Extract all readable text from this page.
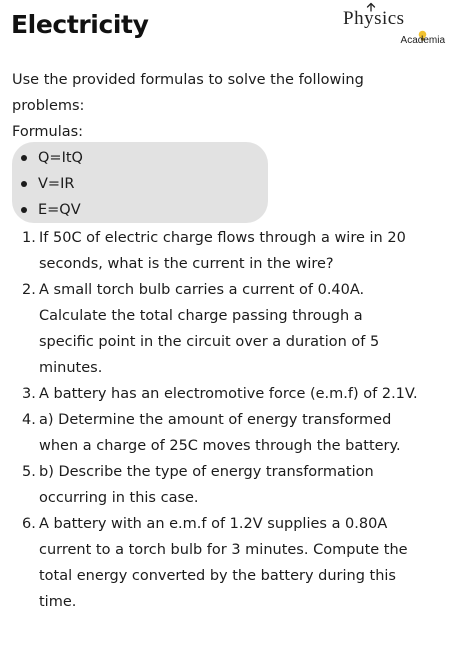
Electricity	Physics
Academia

Use the provided formulas to solve the following problems:

Formulas:

Q=ItQ
V=IR
E=QV
1. If 50C of electric charge flows through a wire in 20 seconds, what is the current in the wire?
2. A small torch bulb carries a current of 0.40A. Calculate the total charge passing through a specific point in the circuit over a duration of 5 minutes.
3. A battery has an electromotive force (e.m.f) of 2.1V.
4. a) Determine the amount of energy transformed when a charge of 25C moves through the battery.
5. b) Describe the type of energy transformation occurring in this case.
6. A battery with an e.m.f of 1.2V supplies a 0.80A current to a torch bulb for 3 minutes. Compute the total energy converted by the battery during this time.
